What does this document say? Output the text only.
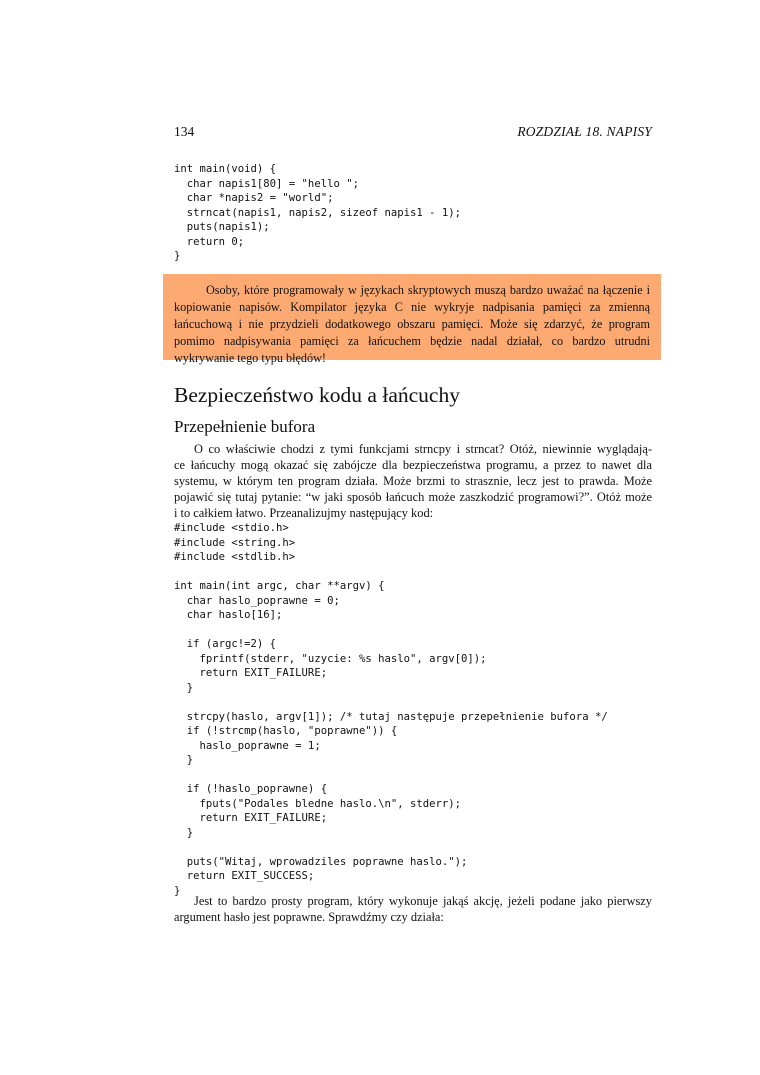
134	ROZDZIAŁ 18. NAPISY
int main(void) {
char napis1[80] = "hello ";
char *napis2 = "world";
strncat(napis1, napis2, sizeof napis1 - 1);
puts(napis1);
return 0;
}

Osoby, które programowały w językach skryptowych muszą bardzo uważać na łączenie i kopiowanie napisów. Kompilator języka C nie wykryje nadpisania pamięci za zmienną łańcuchową i nie przydzieli dodatkowego obszaru pamięci. Może się zdarzyć, że program pomimo nadpisywania pamięci za łańcuchem będzie nadal działał, co bardzo utrudni wykrywanie tego typu błędów!

Bezpieczeństwo kodu a łańcuchy
Przepełnienie bufora
O co właściwie chodzi z tymi funkcjami strncpy i strncat? Otóż, niewinnie wyglądają-
ce łańcuchy mogą okazać się zabójcze dla bezpieczeństwa programu, a przez to nawet dla
systemu, w którym ten program działa. Może brzmi to strasznie, lecz jest to prawda. Może
pojawić się tutaj pytanie: “w jaki sposób łańcuch może zaszkodzić programowi?”. Otóż może
i to całkiem łatwo. Przeanalizujmy następujący kod:
#include <stdio.h>
#include <string.h>
#include <stdlib.h>

int main(int argc, char **argv) {
char haslo_poprawne = 0;
char haslo[16];

if (argc!=2) {
fprintf(stderr, "uzycie: %s haslo", argv[0]);
return EXIT_FAILURE;
}

strcpy(haslo, argv[1]); /* tutaj następuje przepełnienie bufora */
if (!strcmp(haslo, "poprawne")) {
haslo_poprawne = 1;
}

if (!haslo_poprawne) {
fputs("Podales bledne haslo.\n", stderr);
return EXIT_FAILURE;
}

puts("Witaj, wprowadziles poprawne haslo.");
return EXIT_SUCCESS;
}
Jest to bardzo prosty program, który wykonuje jakąś akcję, jeżeli podane jako pierwszy
argument hasło jest poprawne. Sprawdźmy czy działa:
